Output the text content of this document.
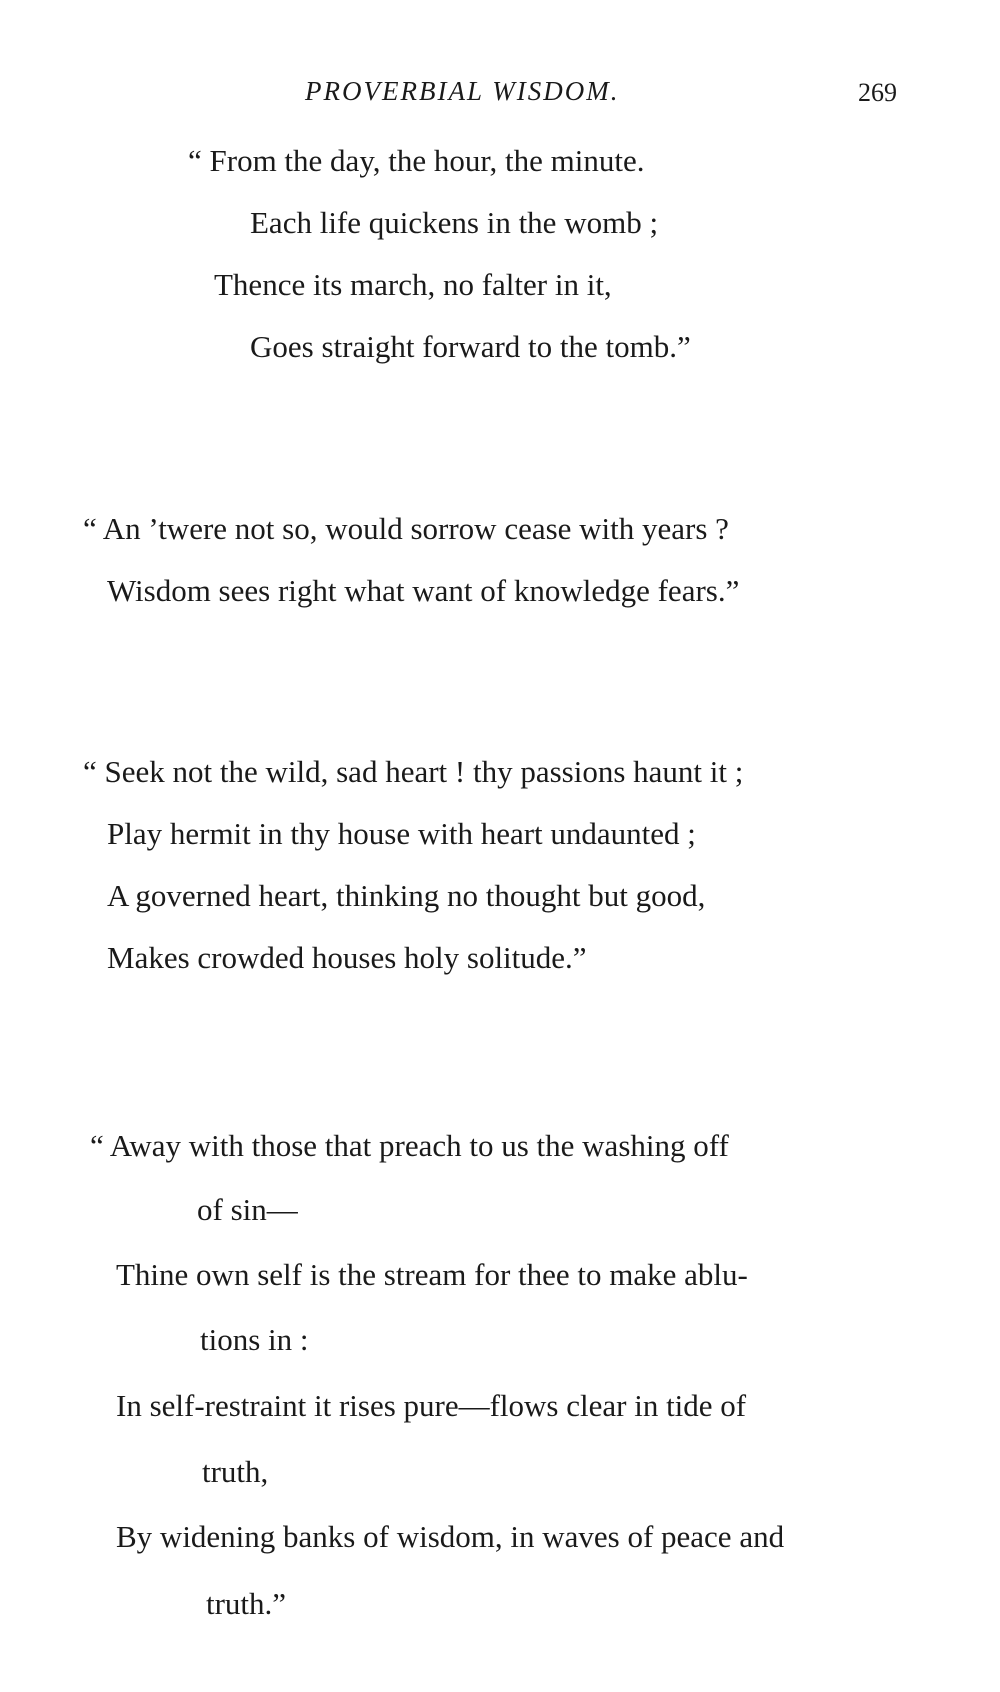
PROVERBIAL WISDOM.	269
“ From the day, the hour, the minute.
Each life quickens in the womb ;
Thence its march, no falter in it,
Goes straight forward to the tomb.”
“ An ’twere not so, would sorrow cease with years ?
Wisdom sees right what want of knowledge fears.”
“ Seek not the wild, sad heart ! thy passions haunt it ;
Play hermit in thy house with heart undaunted ;
A governed heart, thinking no thought but good,
Makes crowded houses holy solitude.”
“ Away with those that preach to us the washing off
of sin—
Thine own self is the stream for thee to make ablu-
tions in :
In self-restraint it rises pure—flows clear in tide of
truth,
By widening banks of wisdom, in waves of peace and
truth.”
